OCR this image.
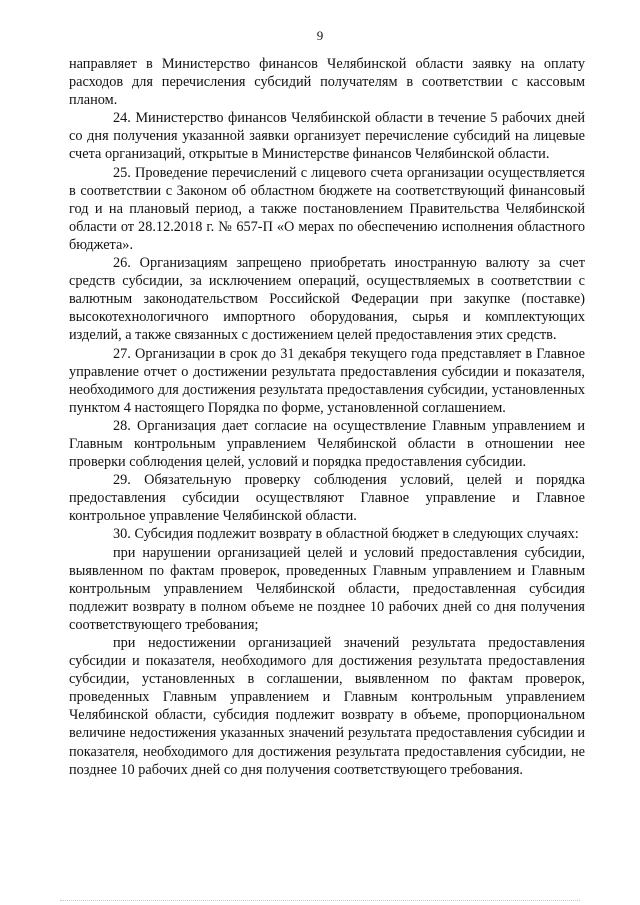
9

направляет в Министерство финансов Челябинской области заявку на оплату расходов для перечисления субсидий получателям в соответствии с кассовым планом.

24. Министерство финансов Челябинской области в течение 5 рабочих дней со дня получения указанной заявки организует перечисление субсидий на лицевые счета организаций, открытые в Министерстве финансов Челябинской области.

25. Проведение перечислений с лицевого счета организации осуществляется в соответствии с Законом об областном бюджете на соответствующий финансовый год и на плановый период, а также постановлением Правительства Челябинской области от 28.12.2018 г. № 657-П «О мерах по обеспечению исполнения областного бюджета».

26. Организациям запрещено приобретать иностранную валюту за счет средств субсидии, за исключением операций, осуществляемых в соответствии с валютным законодательством Российской Федерации при закупке (поставке) высокотехнологичного импортного оборудования, сырья и комплектующих изделий, а также связанных с достижением целей предоставления этих средств.

27. Организации в срок до 31 декабря текущего года представляет в Главное управление отчет о достижении результата предоставления субсидии и показателя, необходимого для достижения результата предоставления субсидии, установленных пунктом 4 настоящего Порядка по форме, установленной соглашением.

28. Организация дает согласие на осуществление Главным управлением и Главным контрольным управлением Челябинской области в отношении нее проверки соблюдения целей, условий и порядка предоставления субсидии.

29. Обязательную проверку соблюдения условий, целей и порядка предоставления субсидии осуществляют Главное управление и Главное контрольное управление Челябинской области.

30. Субсидия подлежит возврату в областной бюджет в следующих случаях:

при нарушении организацией целей и условий предоставления субсидии, выявленном по фактам проверок, проведенных Главным управлением и Главным контрольным управлением Челябинской области, предоставленная субсидия подлежит возврату в полном объеме не позднее 10 рабочих дней со дня получения соответствующего требования;

при недостижении организацией значений результата предоставления субсидии и показателя, необходимого для достижения результата предоставления субсидии, установленных в соглашении, выявленном по фактам проверок, проведенных Главным управлением и Главным контрольным управлением Челябинской области, субсидия подлежит возврату в объеме, пропорциональном величине недостижения указанных значений результата предоставления субсидии и показателя, необходимого для достижения результата предоставления субсидии, не позднее 10 рабочих дней со дня получения соответствующего требования.
